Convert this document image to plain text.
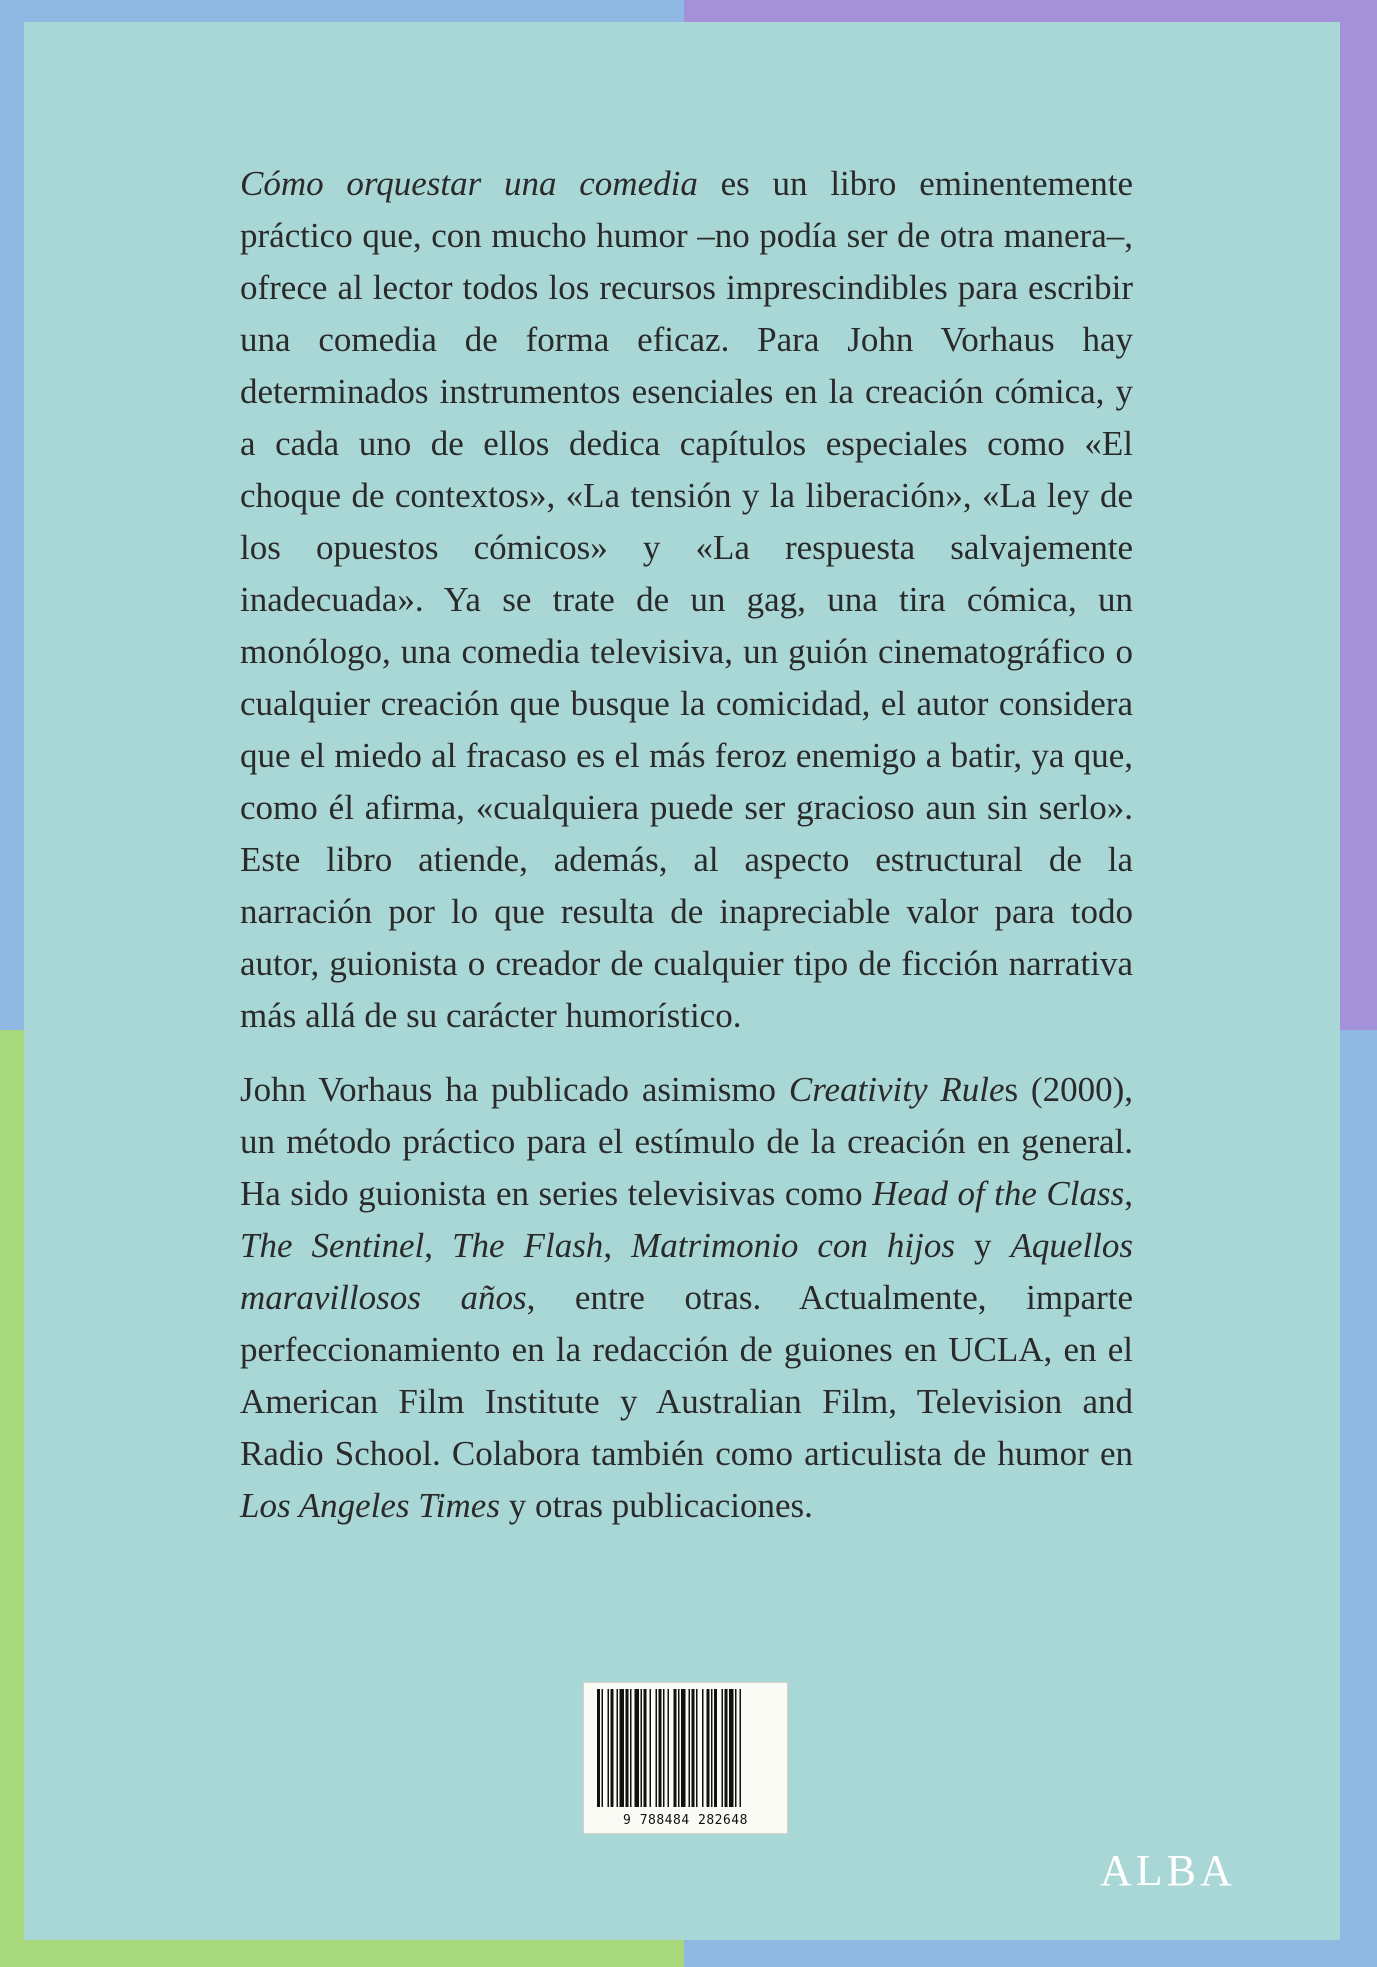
Cómo orquestar una comedia es un libro eminentemente práctico que, con mucho humor –no podía ser de otra manera–, ofrece al lector todos los recursos imprescindibles para escribir una comedia de forma eficaz. Para John Vorhaus hay determinados instrumentos esenciales en la creación cómica, y a cada uno de ellos dedica capítulos especiales como «El choque de contextos», «La tensión y la liberación», «La ley de los opuestos cómicos» y «La respuesta salvajemente inadecuada». Ya se trate de un gag, una tira cómica, un monólogo, una comedia televisiva, un guión cinematográfico o cualquier creación que busque la comicidad, el autor considera que el miedo al fracaso es el más feroz enemigo a batir, ya que, como él afirma, «cualquiera puede ser gracioso aun sin serlo». Este libro atiende, además, al aspecto estructural de la narración por lo que resulta de inapreciable valor para todo autor, guionista o creador de cualquier tipo de ficción narrativa más allá de su carácter humorístico.

John Vorhaus ha publicado asimismo Creativity Rules (2000), un método práctico para el estímulo de la creación en general. Ha sido guionista en series televisivas como Head of the Class, The Sentinel, The Flash, Matrimonio con hijos y Aquellos maravillosos años, entre otras. Actualmente, imparte perfeccionamiento en la redacción de guiones en UCLA, en el American Film Institute y Australian Film, Television and Radio School. Colabora también como articulista de humor en Los Angeles Times y otras publicaciones.

9 788484 282648
ALBA
